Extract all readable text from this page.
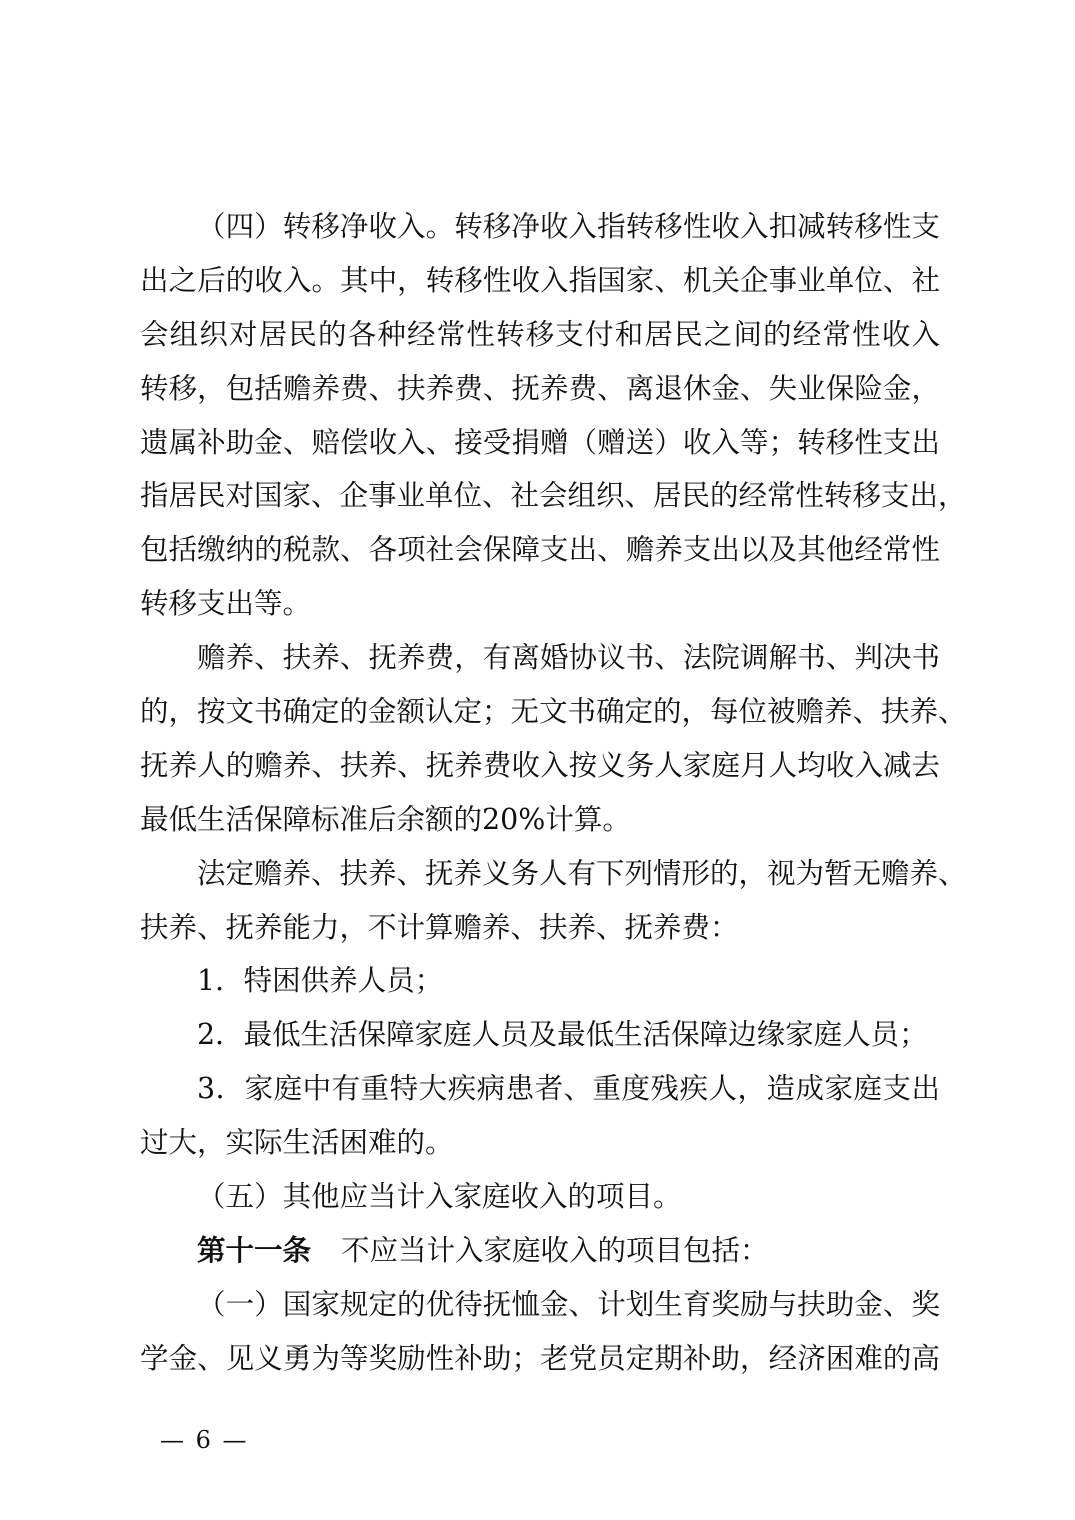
（四）转移净收入。转移净收入指转移性收入扣减转移性支
出之后的收入。其中，转移性收入指国家、机关企事业单位、社
会组织对居民的各种经常性转移支付和居民之间的经常性收入
转移，包括赡养费、扶养费、抚养费、离退休金、失业保险金，
遗属补助金、赔偿收入、接受捐赠（赠送）收入等；转移性支出
指居民对国家、企事业单位、社会组织、居民的经常性转移支出，
包括缴纳的税款、各项社会保障支出、赡养支出以及其他经常性
转移支出等。
赡养、扶养、抚养费，有离婚协议书、法院调解书、判决书
的，按文书确定的金额认定；无文书确定的，每位被赡养、扶养、
抚养人的赡养、扶养、抚养费收入按义务人家庭月人均收入减去
最低生活保障标准后余额的20%计算。
法定赡养、扶养、抚养义务人有下列情形的，视为暂无赡养、
扶养、抚养能力，不计算赡养、扶养、抚养费：
1．特困供养人员；
2．最低生活保障家庭人员及最低生活保障边缘家庭人员；
3．家庭中有重特大疾病患者、重度残疾人，造成家庭支出
过大，实际生活困难的。
（五）其他应当计入家庭收入的项目。
第十一条 不应当计入家庭收入的项目包括：
（一）国家规定的优待抚恤金、计划生育奖励与扶助金、奖
学金、见义勇为等奖励性补助；老党员定期补助，经济困难的高
— 6 —
